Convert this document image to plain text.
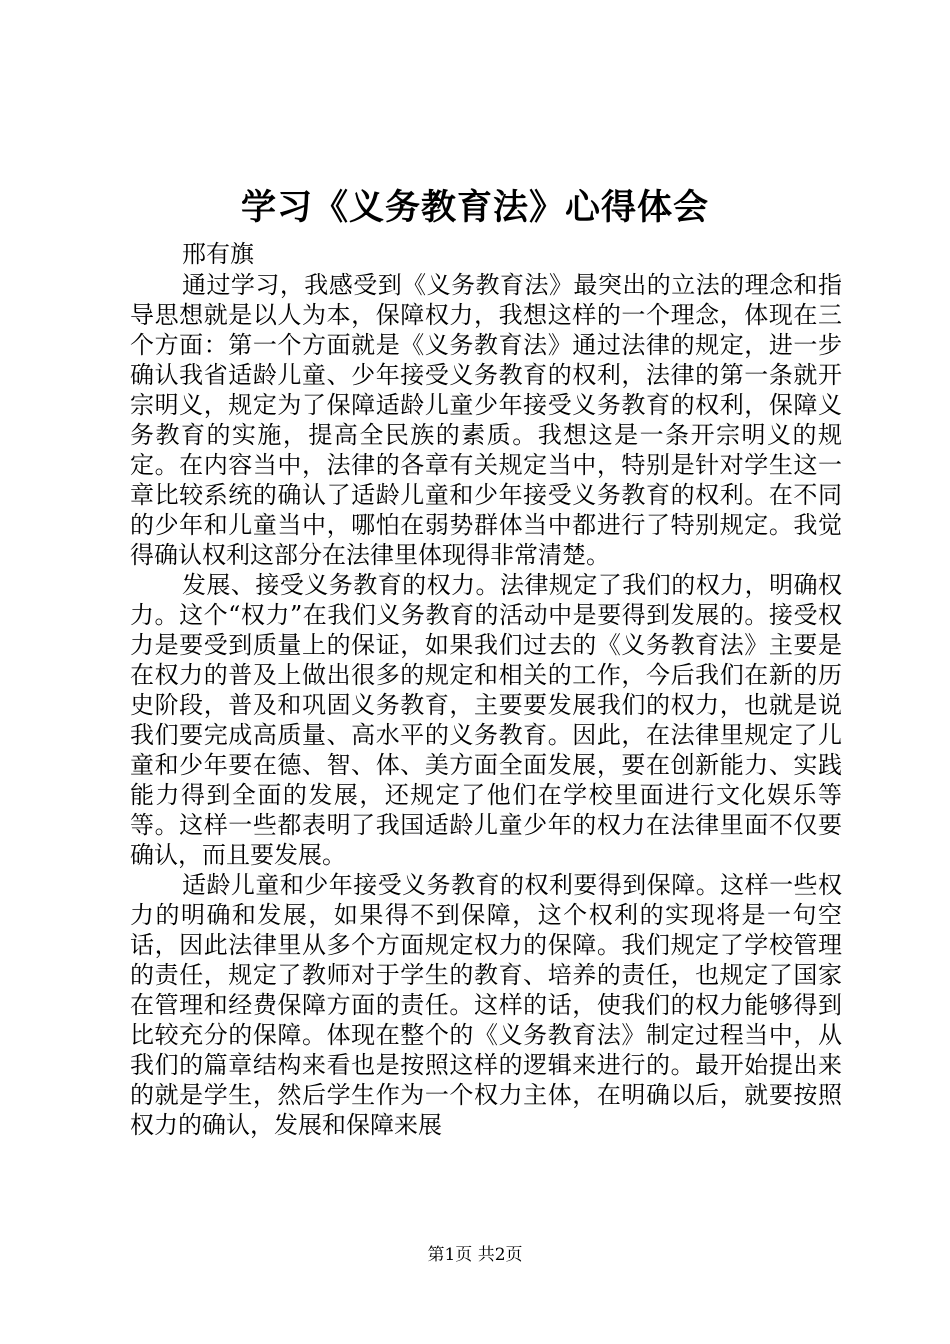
学习《义务教育法》心得体会
邢有旗

通过学习，我感受到《义务教育法》最突出的立法的理念和指导思想就是以人为本，保障权力，我想这样的一个理念，体现在三个方面：第一个方面就是《义务教育法》通过法律的规定，进一步确认我省适龄儿童、少年接受义务教育的权利，法律的第一条就开宗明义，规定为了保障适龄儿童少年接受义务教育的权利，保障义务教育的实施，提高全民族的素质。我想这是一条开宗明义的规定。在内容当中，法律的各章有关规定当中，特别是针对学生这一章比较系统的确认了适龄儿童和少年接受义务教育的权利。在不同的少年和儿童当中，哪怕在弱势群体当中都进行了特别规定。我觉得确认权利这部分在法律里体现得非常清楚。

发展、接受义务教育的权力。法律规定了我们的权力，明确权力。这个“权力”在我们义务教育的活动中是要得到发展的。接受权力是要受到质量上的保证，如果我们过去的《义务教育法》主要是在权力的普及上做出很多的规定和相关的工作，今后我们在新的历史阶段，普及和巩固义务教育，主要要发展我们的权力，也就是说我们要完成高质量、高水平的义务教育。因此，在法律里规定了儿童和少年要在德、智、体、美方面全面发展，要在创新能力、实践能力得到全面的发展，还规定了他们在学校里面进行文化娱乐等等。这样一些都表明了我国适龄儿童少年的权力在法律里面不仅要确认，而且要发展。

适龄儿童和少年接受义务教育的权利要得到保障。这样一些权力的明确和发展，如果得不到保障，这个权利的实现将是一句空话，因此法律里从多个方面规定权力的保障。我们规定了学校管理的责任，规定了教师对于学生的教育、培养的责任，也规定了国家在管理和经费保障方面的责任。这样的话，使我们的权力能够得到比较充分的保障。体现在整个的《义务教育法》制定过程当中，从我们的篇章结构来看也是按照这样的逻辑来进行的。最开始提出来的就是学生，然后学生作为一个权力主体，在明确以后，就要按照权力的确认，发展和保障来展

第1页 共2页
